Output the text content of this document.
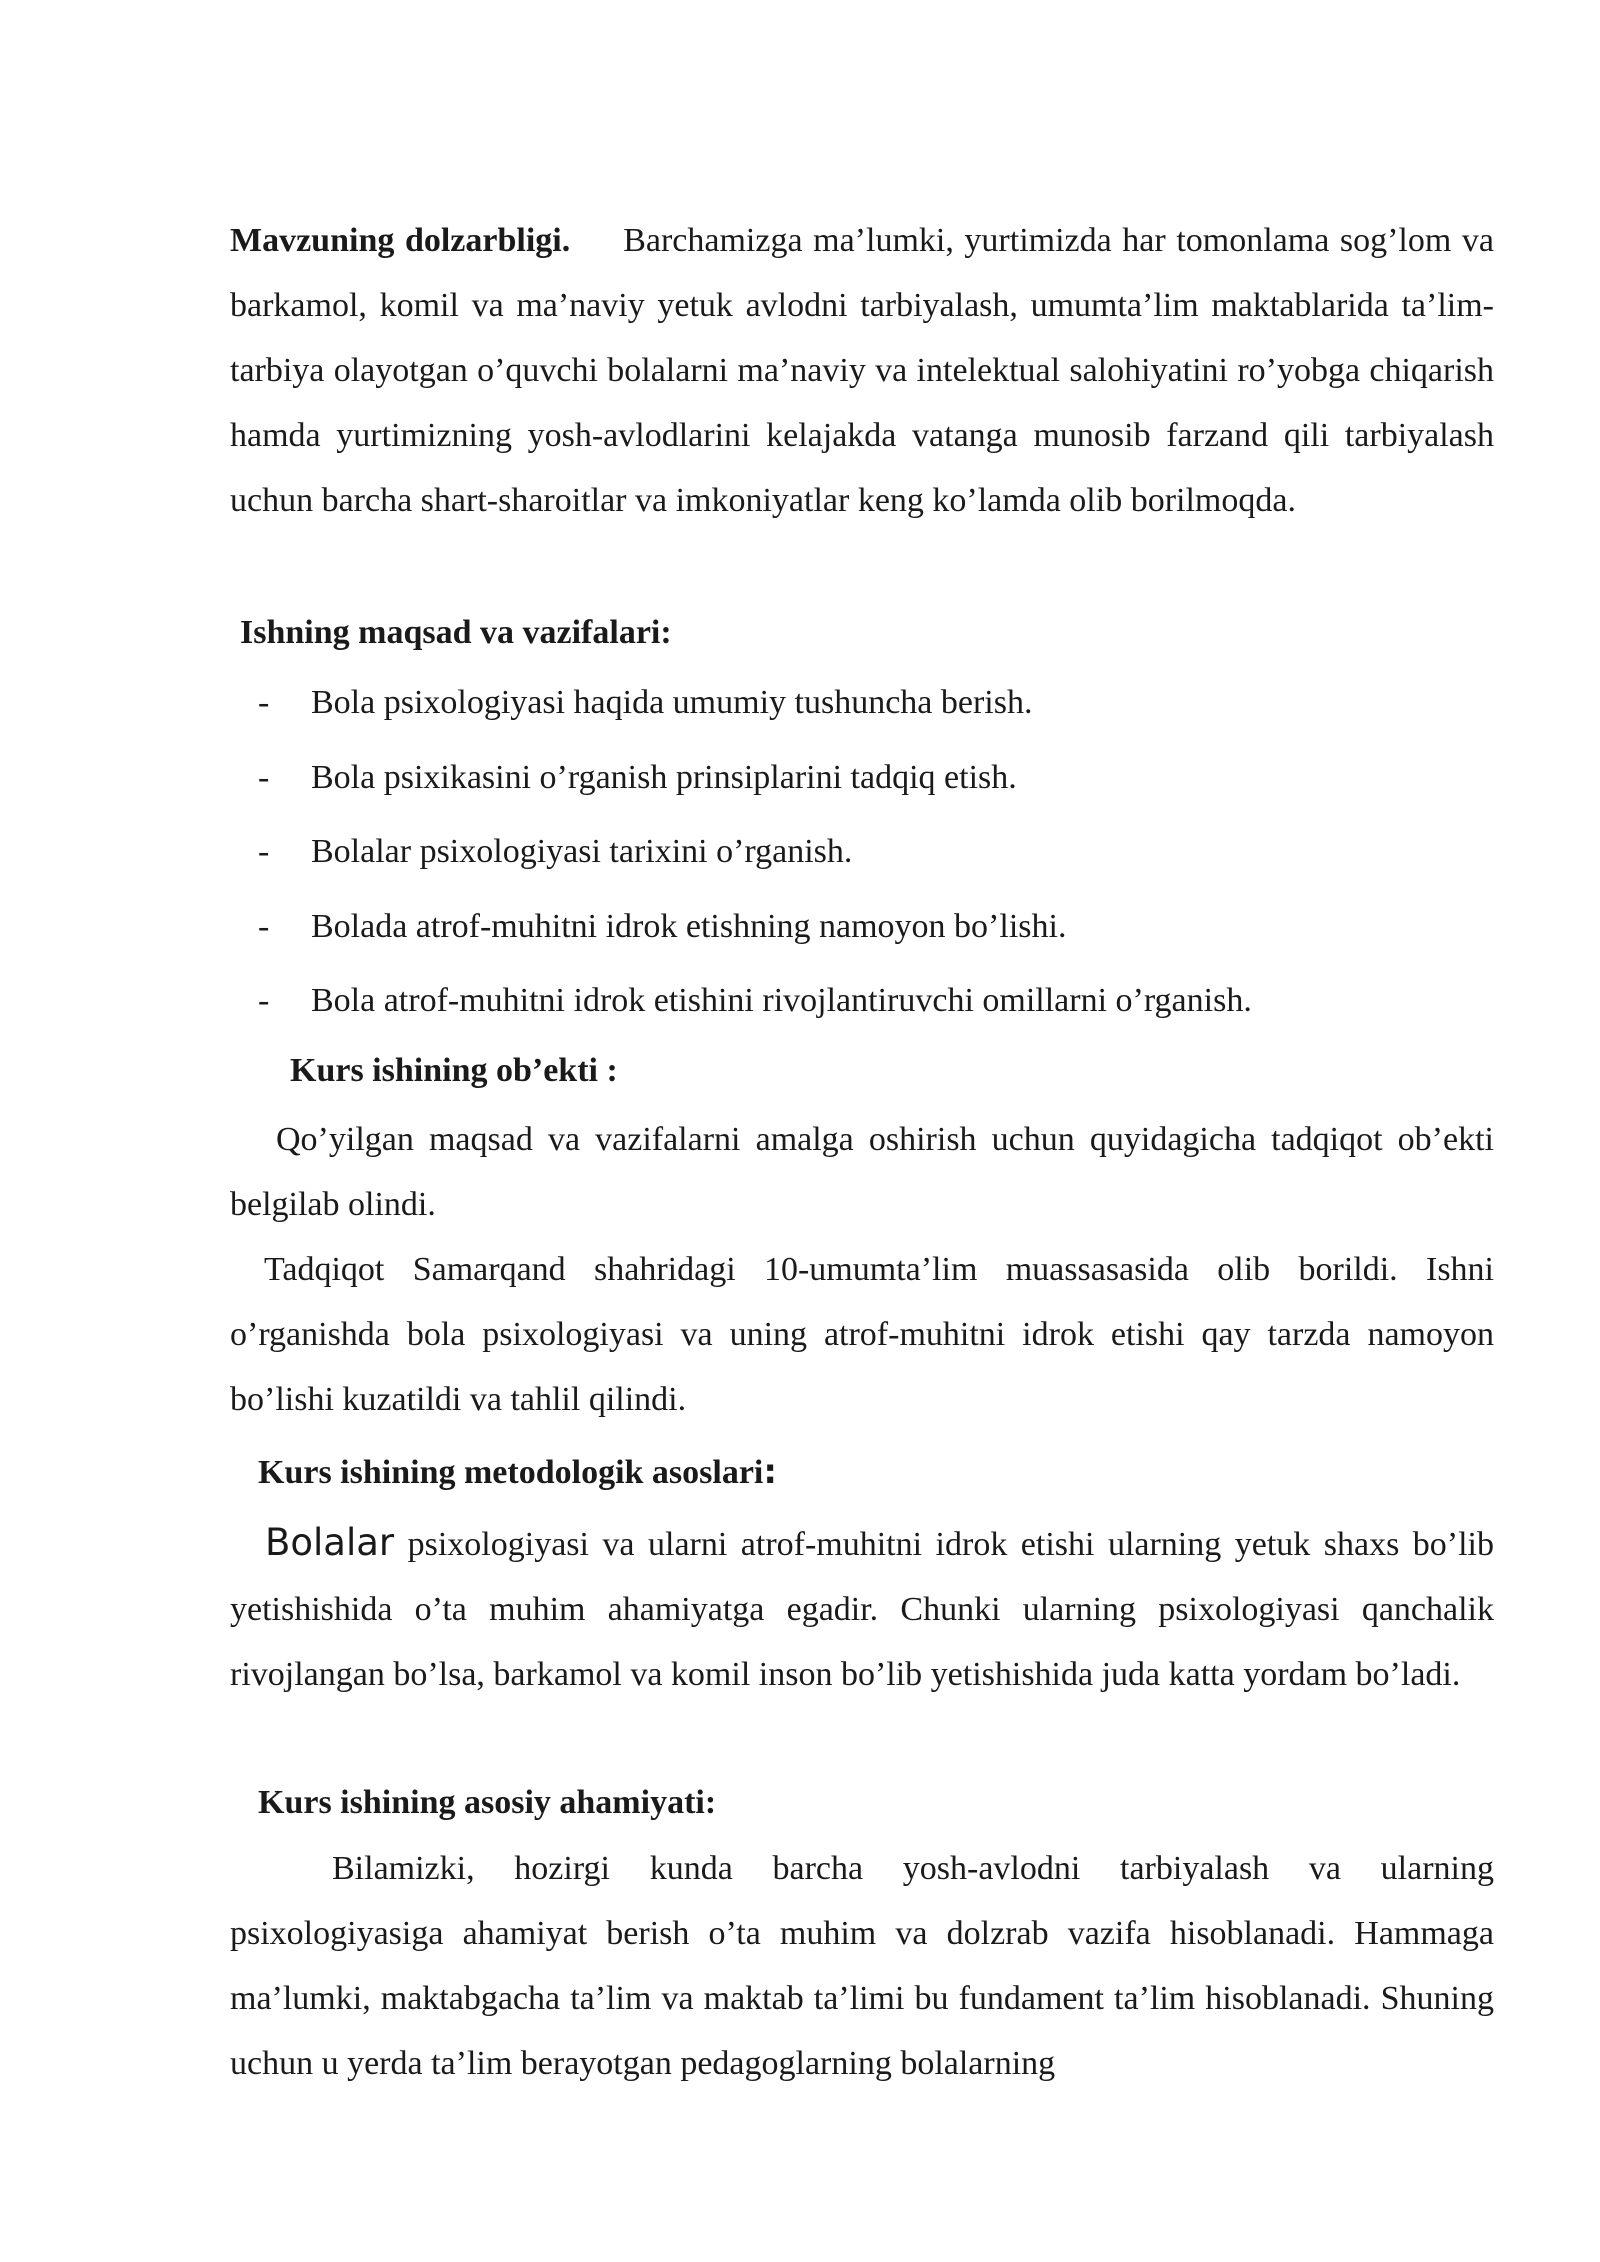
Mavzuning dolzarbligi. Barchamizga ma’lumki, yurtimizda har tomonlama sog’lom va barkamol, komil va ma’naviy yetuk avlodni tarbiyalash, umumta’lim maktablarida ta’lim-tarbiya olayotgan o’quvchi bolalarni ma’naviy va intelektual salohiyatini ro’yobga chiqarish hamda yurtimizning yosh-avlodlarini kelajakda vatanga munosib farzand qili tarbiyalash uchun barcha shart-sharoitlar va imkoniyatlar keng ko’lamda olib borilmoqda.

Ishning maqsad va vazifalari:

-	Bola psixologiyasi haqida umumiy tushuncha berish.
-	Bola psixikasini o’rganish prinsiplarini tadqiq etish.
-	Bolalar psixologiyasi tarixini o’rganish.
-	Bolada atrof-muhitni idrok etishning namoyon bo’lishi.
-	Bola atrof-muhitni idrok etishini rivojlantiruvchi omillarni o’rganish.

Kurs ishining ob’ekti :

Qo’yilgan maqsad va vazifalarni amalga oshirish uchun quyidagicha tadqiqot ob’ekti belgilab olindi.

Tadqiqot Samarqand shahridagi 10-umumta’lim muassasasida olib borildi. Ishni o’rganishda bola psixologiyasi va uning atrof-muhitni idrok etishi qay tarzda namoyon bo’lishi kuzatildi va tahlil qilindi.

Kurs ishining metodologik asoslari:

Bolalar psixologiyasi va ularni atrof-muhitni idrok etishi ularning yetuk shaxs bo’lib yetishishida o’ta muhim ahamiyatga egadir. Chunki ularning psixologiyasi qanchalik rivojlangan bo’lsa, barkamol va komil inson bo’lib yetishishida juda katta yordam bo’ladi.

Kurs ishining asosiy ahamiyati:

Bilamizki, hozirgi kunda barcha yosh-avlodni tarbiyalash va ularning psixologiyasiga ahamiyat berish o’ta muhim va dolzrab vazifa hisoblanadi. Hammaga ma’lumki, maktabgacha ta’lim va maktab ta’limi bu fundament ta’lim hisoblanadi. Shuning uchun u yerda ta’lim berayotgan pedagoglarning bolalarning
